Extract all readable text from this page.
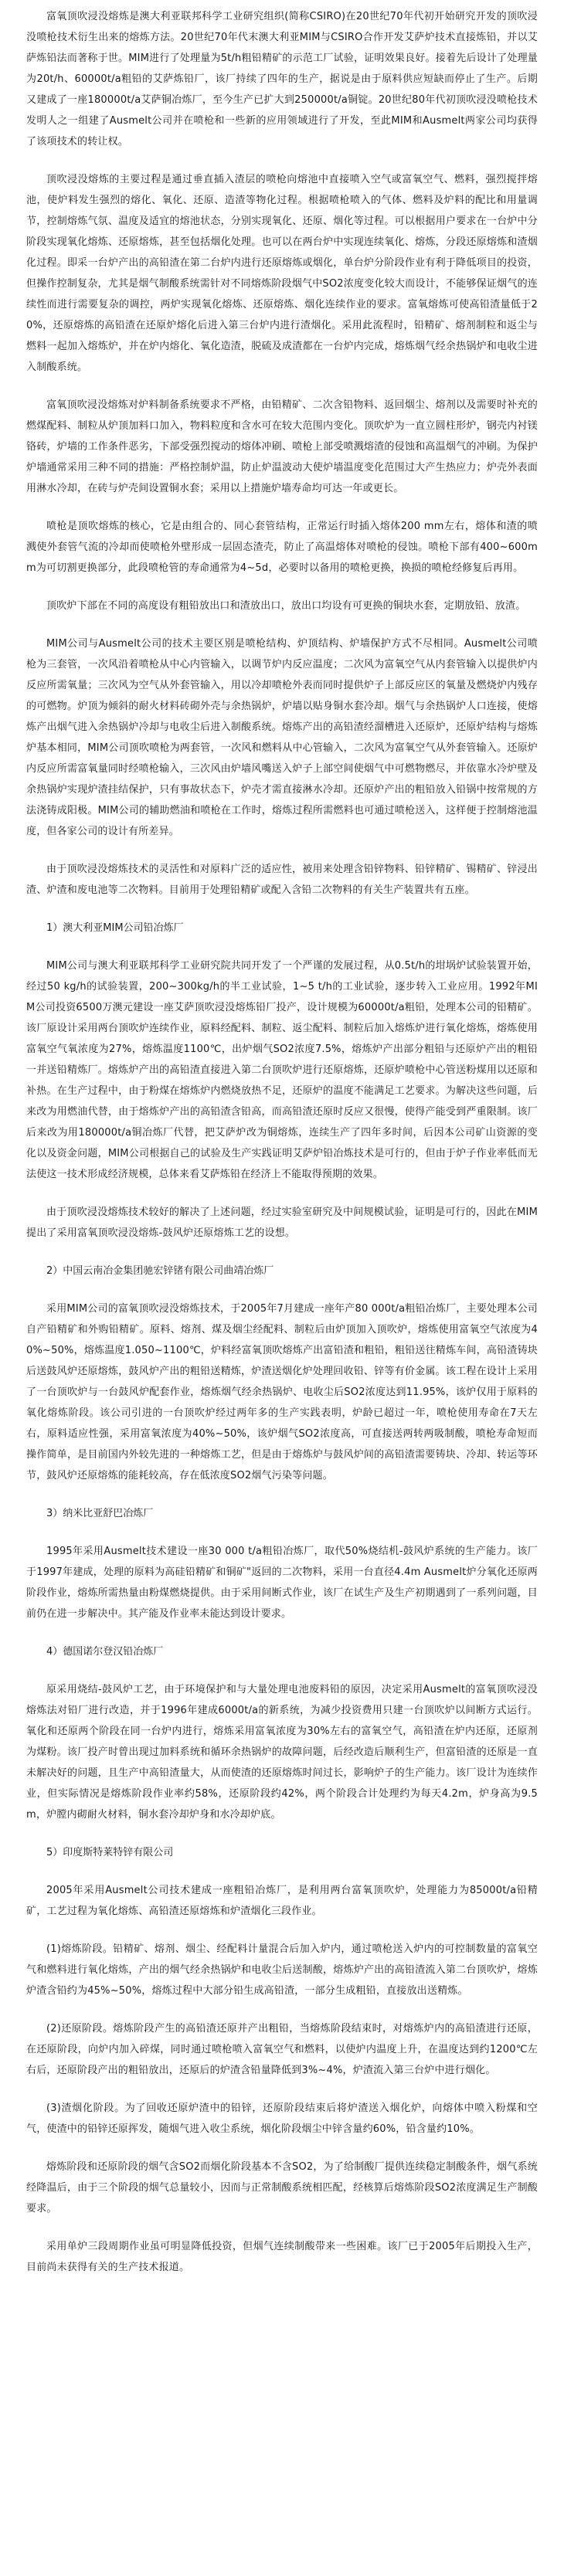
富氧顶吹浸没熔炼是澳大利亚联邦科学工业研究组织(简称CSIRO)在20世纪70年代初开始研究开发的顶吹浸没喷枪技术衍生出来的熔炼方法。20世纪70年代末澳大利亚MIM与CSIRO合作开发艾萨炉技术直接炼铅，并以艾萨炼铅法而著称于世。MIM进行了处理量为5t/h粗铅精矿的示范工厂试验，证明效果良好。接着先后设计了处理量为20t/h、60000t/a粗铅的艾萨炼铅厂，该厂持续了四年的生产，据说是由于原料供应短缺而停止了生产。后期又建成了一座180000t/a艾萨铜冶炼厂，至今生产已扩大到250000t/a铜锭。20世纪80年代初顶吹浸没喷枪技术发明人之一组建了Ausmelt公司并在喷枪和一些新的应用领域进行了开发，至此MIM和Ausmelt两家公司均获得了该项技术的转让权。

顶吹浸没熔炼的主要过程是通过垂直插入渣层的喷枪向熔池中直接喷入空气或富氧空气、燃料，强烈搅拌熔池，使炉料发生强烈的熔化、氧化、还原、造渣等物化过程。根据喷枪喷入的气体、燃料及炉料的配比和用量调节，控制熔炼气氛、温度及适宜的熔池状态，分别实现氧化、还原、烟化等过程。可以根据用户要求在一台炉中分阶段实现氧化熔炼、还原熔炼，甚至包括烟化处理。也可以在两台炉中实现连续氧化、熔炼，分段还原熔炼和渣烟化过程。即采一台炉产出的高铅渣在第二台炉内进行还原熔炼或烟化，单台炉分阶段作业有利于降低项目的投资，但操作控制复杂，尤其是烟气制酸系统需针对不同熔炼阶段烟气中SO2浓度变化较大而设计，不能够保证烟气的连续性而进行需要复杂的调控，两炉实现氧化熔炼、还原熔炼、烟化连续作业的要求。富氧熔炼可使高铅渣量低于20%，还原熔炼的高铅渣在还原炉熔化后进入第三台炉内进行渣烟化。采用此流程时，铅精矿、熔剂制粒和返尘与燃料一起加入熔炼炉，并在炉内熔化、氧化造渣，脱硫及成渣都在一台炉内完成，熔炼烟气经余热锅炉和电收尘进入制酸系统。

富氧顶吹浸没熔炼对炉料制备系统要求不严格，由铅精矿、二次含铅物料、返回烟尘、熔剂以及需要时补充的燃煤配料、制粒从炉顶加料口加入，物料粒度和含水可在较大范围内变化。顶吹炉为一直立圆柱形炉，钢壳内衬镁铬砖，炉墙的工作条件恶劣，下部受强烈搅动的熔体冲刷、喷枪上部受喷溅熔渣的侵蚀和高温烟气的冲刷。为保护炉墙通常采用三种不同的措施：严格控制炉温，防止炉温波动大使炉墙温度变化范围过大产生热应力；炉壳外表面用淋水冷却，在砖与炉壳间设置铜水套；采用以上措施炉墙寿命均可达一年或更长。

喷枪是顶吹熔炼的核心，它是由组合的、同心套管结构，正常运行时插入熔体200 mm左右，熔体和渣的喷溅使外套管气流的冷却而使喷枪外壁形成一层固态渣壳，防止了高温熔体对喷枪的侵蚀。喷枪下部有400~600mm为可切割更换部分，此段喷枪管的寿命通常为4~5d，必要时以备用的喷枪更换，换损的喷枪经修复后再用。

顶吹炉下部在不同的高度设有粗铅放出口和渣放出口，放出口均设有可更换的铜块水套，定期放铅、放渣。

MIM公司与Ausmelt公司的技术主要区别是喷枪结构、炉顶结构、炉墙保护方式不尽相同。Ausmelt公司喷枪为三套管，一次风沿着喷枪从中心内管输入，以调节炉内反应温度；二次风为富氧空气从内套管输入以提供炉内反应所需氧量；三次风为空气从外套管输入，用以冷却喷枪外表而同时提供炉子上部反应区的氧量及燃烧炉内残存的可燃物。炉顶为倾斜的耐火材料砖砌外壳与余热锅炉，炉墙以贴身铜水套冷却。烟气与余热锅炉人口连接，使熔炼产出烟气进入余热锅炉冷却与电收尘后进入制酸系统。熔炼产出的高铅渣经溜槽进入还原炉，还原炉结构与熔炼炉基本相同，MIM公司顶吹喷枪为两套管，一次风和燃料从中心管输入，二次风为富氧空气从外套管输入。还原炉内反应所需富氧量同时经喷枪输入，三次风由炉墙风嘴送入炉子上部空间使烟气中可燃物燃尽，并依靠水冷炉壁及余热锅炉实现炉渣挂结保护，只有事故状态下，炉壳才需直接淋水冷却。还原炉产出的粗铅放入铅锅中按常规的方法浇铸成阳极。MIM公司的辅助燃油和喷枪在工作时，熔炼过程所需燃料也可通过喷枪送入，这样便于控制熔池温度，但各家公司的设计有所差异。

由于顶吹浸没熔炼技术的灵活性和对原料广泛的适应性，被用来处理含铅锌物料、铅锌精矿、锡精矿、锌浸出渣、炉渣和废电池等二次物料。目前用于处理铅精矿或配入含铅二次物料的有关生产装置共有五座。

1）澳大利亚MIM公司铅冶炼厂

MIM公司与澳大利亚联邦科学工业研究院共同开发了一个严谨的发展过程，从0.5t/h的坩埚炉试验装置开始，经过50 kg/h的试验装置，200~300kg/h的半工业试验，1~5 t/h的工业试验，逐步转入工业应用。1992年MIM公司投资6500万澳元建设一座艾萨顶吹浸没熔炼铅厂投产，设计规模为60000t/a粗铅，处理本公司的铅精矿。该厂原设计采用两台顶吹炉连续作业，原料经配料、制粒、返尘配料、制粒后加入熔炼炉进行氧化熔炼，熔炼使用富氧空气氧浓度为27%，熔炼温度1100℃，出炉烟气SO2浓度7.5%，熔炼炉产出部分粗铅与还原炉产出的粗铅一并送铅精炼厂。熔炼炉产出的高铅渣直接进入第二台顶吹炉进行还原熔炼，还原炉喷枪中心管送粉煤用以还原和补热。在生产过程中，由于粉煤在熔炼炉内燃烧放热不足，还原炉的温度不能满足工艺要求。为解决这些问题，后来改为用燃油代替，由于熔炼炉产出的高铅渣含铅高，而高铅渣还原时反应又很慢，使得产能受到严重限制。该厂后来改为用180000t/a铜冶炼厂代替，把艾萨炉改为铜熔炼，连续生产了四年多时间，后因本公司矿山资源的变化以及资金问题，MIM公司根据自己的试验及生产实践证明艾萨炉铅冶炼技术是可行的，但由于炉子作业率低而无法使这一技术形成经济规模，总体来看艾萨炼铅在经济上不能取得预期的效果。

由于顶吹浸没熔炼技术较好的解决了上述问题，经过实验室研究及中间规模试验，证明是可行的，因此在MIM提出了采用富氧顶吹浸没熔炼-鼓风炉还原熔炼工艺的设想。

2）中国云南冶金集团驰宏锌锗有限公司曲靖冶炼厂

采用MIM公司的富氧顶吹浸没熔炼技术，于2005年7月建成一座年产80 000t/a粗铅冶炼厂，主要处理本公司自产铅精矿和外购铅精矿。原料、熔剂、煤及烟尘经配料、制粒后由炉顶加入顶吹炉，熔炼使用富氧空气浓度为40%~50%，熔炼温度1.050~1100℃，炉料经富氧顶吹熔炼产出富铅渣和粗铅，粗铅送往精炼车间，高铅渣铸块后送鼓风炉还原熔炼，鼓风炉产出的粗铅送精炼，炉渣送烟化炉处理回收铅、锌等有价金属。该工程在设计上采用了一台顶吹炉与一台鼓风炉配套作业，熔炼烟气经余热锅炉、电收尘后SO2浓度达到11.95%，该炉仅用于原料的氧化熔炼阶段。该公司引进的一台顶吹炉经过两年多的生产实践表明，炉龄已超过一年，喷枪使用寿命在7天左右，原料适应性强，采用富氧浓度为40%~50%，该炉烟气SO2浓度高，可直接送两转两吸制酸，喷枪寿命短而操作简单，是目前国内外较先进的一种熔炼工艺，但是由于熔炼炉与鼓风炉间的高铅渣需要铸块、冷却、转运等环节，鼓风炉还原熔炼的能耗较高，存在低浓度SO2烟气污染等问题。

3）纳米比亚舒巴冶炼厂

1995年采用Ausmelt技术建设一座30 000 t/a粗铅冶炼厂，取代50%烧结机-鼓风炉系统的生产能力。该厂于1997年建成，处理的原料为高硅铅精矿和铜矿"返回的二次物料，采用一台直径4.4m Ausmelt炉分氧化还原两阶段作业，熔炼所需热量由粉煤燃烧提供。由于采用间断式作业，该厂在试生产及生产初期遇到了一系列问题，目前仍在进一步解决中。其产能及作业率未能达到设计要求。

4）德国诺尔登汉铅冶炼厂

原采用烧结-鼓风炉工艺，由于环境保护和与大量处理电池废料铅的原因，决定采用Ausmelt的富氧顶吹浸没熔炼法对铅厂进行改造，并于1996年建成6000t/a的新系统，为减少投资费用只建一台顶吹炉以间断方式运行。氧化和还原两个阶段在同一台炉内进行，熔炼采用富氧浓度为30%左右的富氧空气，高铅渣在炉内还原，还原剂为煤粉。该厂投产时曾出现过加料系统和循环余热锅炉的故障问题，后经改造后顺利生产，但富铅渣的还原是一直未解决好的问题，且生产中高铅渣量大，从而使渣的还原熔炼时间过长，影响炉子的生产能力。该厂设计为连续作业，但实际情况是熔炼阶段作业率约58%，还原阶段约42%，两个阶段合计处理约为每天4.2m，炉身高为9.5m，炉膛内砌耐火材料，铜水套冷却炉身和水冷却炉底。

5）印度斯特莱特锌有限公司

2005年采用Ausmelt公司技术建成一座粗铅冶炼厂，是利用两台富氧顶吹炉，处理能力为85000t/a铅精矿，工艺过程为氧化熔炼、高铅渣还原熔炼和炉渣烟化三段作业。

(1)熔炼阶段。铅精矿、熔剂、烟尘、经配料计量混合后加入炉内，通过喷枪送入炉内的可控制数量的富氧空气和燃料进行氧化熔炼，产出的烟气经余热锅炉和电收尘后送制酸，熔炼炉产出的高铅渣流入第二台顶吹炉，熔炼炉渣含铅约为45%~50%，熔炼过程中大部分铅生成高铅渣，一部分生成粗铅，直接放出送精炼。

(2)还原阶段。熔炼阶段产生的高铅渣还原并产出粗铅，当熔炼阶段结束时，对熔炼炉内的高铅渣进行还原，在还原阶段，向炉内加入碎煤，同时通过喷枪喷入富氧空气和燃料，以使炉内温度上升，在温度达到约1200℃左右后，还原阶段产出的粗铅放出，还原后的炉渣含铅量降低到3%~4%，炉渣流入第三台炉中进行烟化。

(3)渣烟化阶段。为了回收还原炉渣中的铅锌，还原阶段结束后将炉渣送入烟化炉，向熔体中喷入粉煤和空气，使渣中的铅锌还原挥发，随烟气进入收尘系统，烟化阶段烟尘中锌含量约60%，铅含量约10%。

熔炼阶段和还原阶段的烟气含SO2而烟化阶段基本不含SO2，为了给制酸厂提供连续稳定制酸条件，烟气系统经降温后，由于三个阶段的烟气总量较小，因而与正常制酸系统相匹配，经核算后熔炼阶段SO2浓度满足生产制酸要求。

采用单炉三段周期作业虽可明显降低投资，但烟气连续制酸带来一些困难。该厂已于2005年后期投入生产，目前尚未获得有关的生产技术报道。
